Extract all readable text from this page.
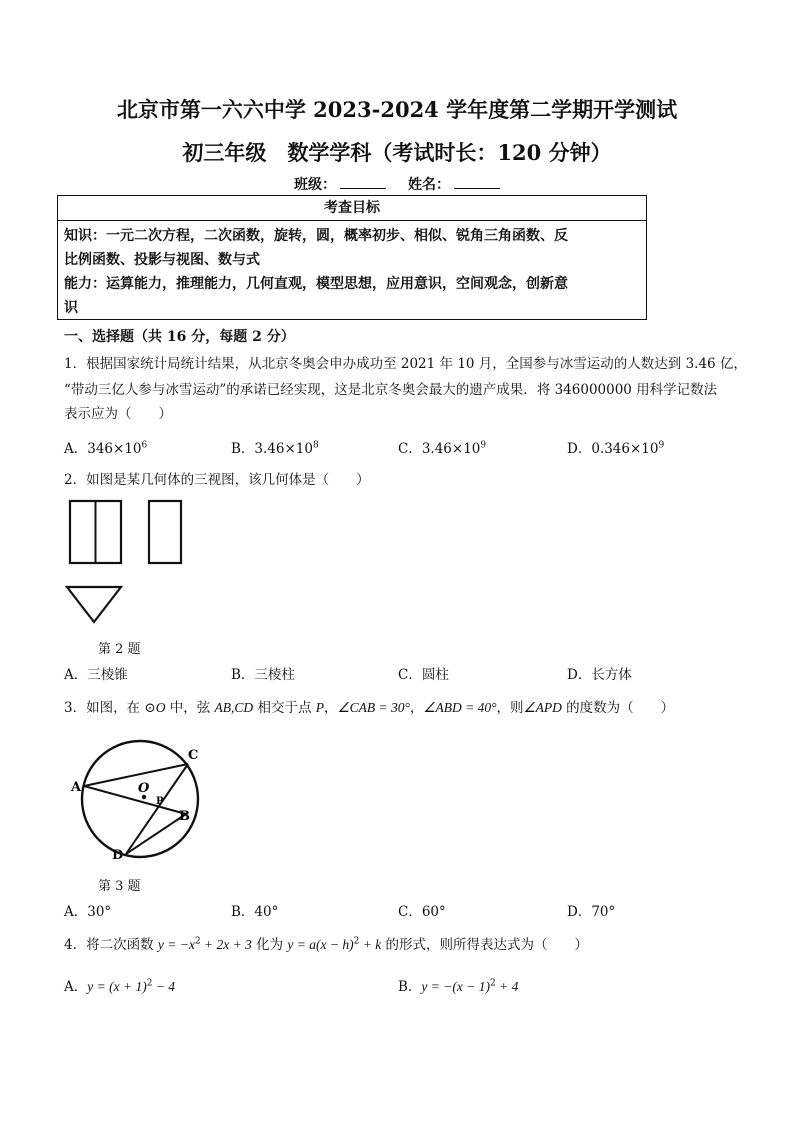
北京市第一六六中学 2023-2024 学年度第二学期开学测试
初三年级　数学学科（考试时长：120 分钟）
班级：	姓名：
考查目标
知识：一元二次方程，二次函数，旋转，圆，概率初步、相似、锐角三角函数、反
比例函数、投影与视图、数与式
能力：运算能力，推理能力，几何直观，模型思想，应用意识，空间观念，创新意
识
一、选择题（共 16 分，每题 2 分）
1．根据国家统计局统计结果，从北京冬奥会申办成功至 2021 年 10 月，全国参与冰雪运动的人数达到 3.46 亿，
“带动三亿人参与冰雪运动”的承诺已经实现，这是北京冬奥会最大的遗产成果．将 346000000 用科学记数法
表示应为（　　）
A．$346\times 10^6$	B．$3.46\times 10^8$	C．$3.46\times 10^9$	D．$0.346\times 10^9$
2．如图是某几何体的三视图，该几何体是（　　）
第 2 题
A．三棱锥	B．三棱柱	C．圆柱	D．长方体
3．如图，在 ⊙O 中，弦 AB,CD 相交于点 P，∠CAB = 30°，∠ABD = 40°，则∠APD 的度数为（　　）
A
C
O
P
B
D
第 3 题
A．30°	B．40°	C．60°	D．70°
4．将二次函数 $y = -x^2 + 2x + 3$ 化为 $y = a(x - h)^2 + k$ 的形式，则所得表达式为（　　）
A．$y = (x + 1)^2 - 4$	B．$y = -(x - 1)^2 + 4$
